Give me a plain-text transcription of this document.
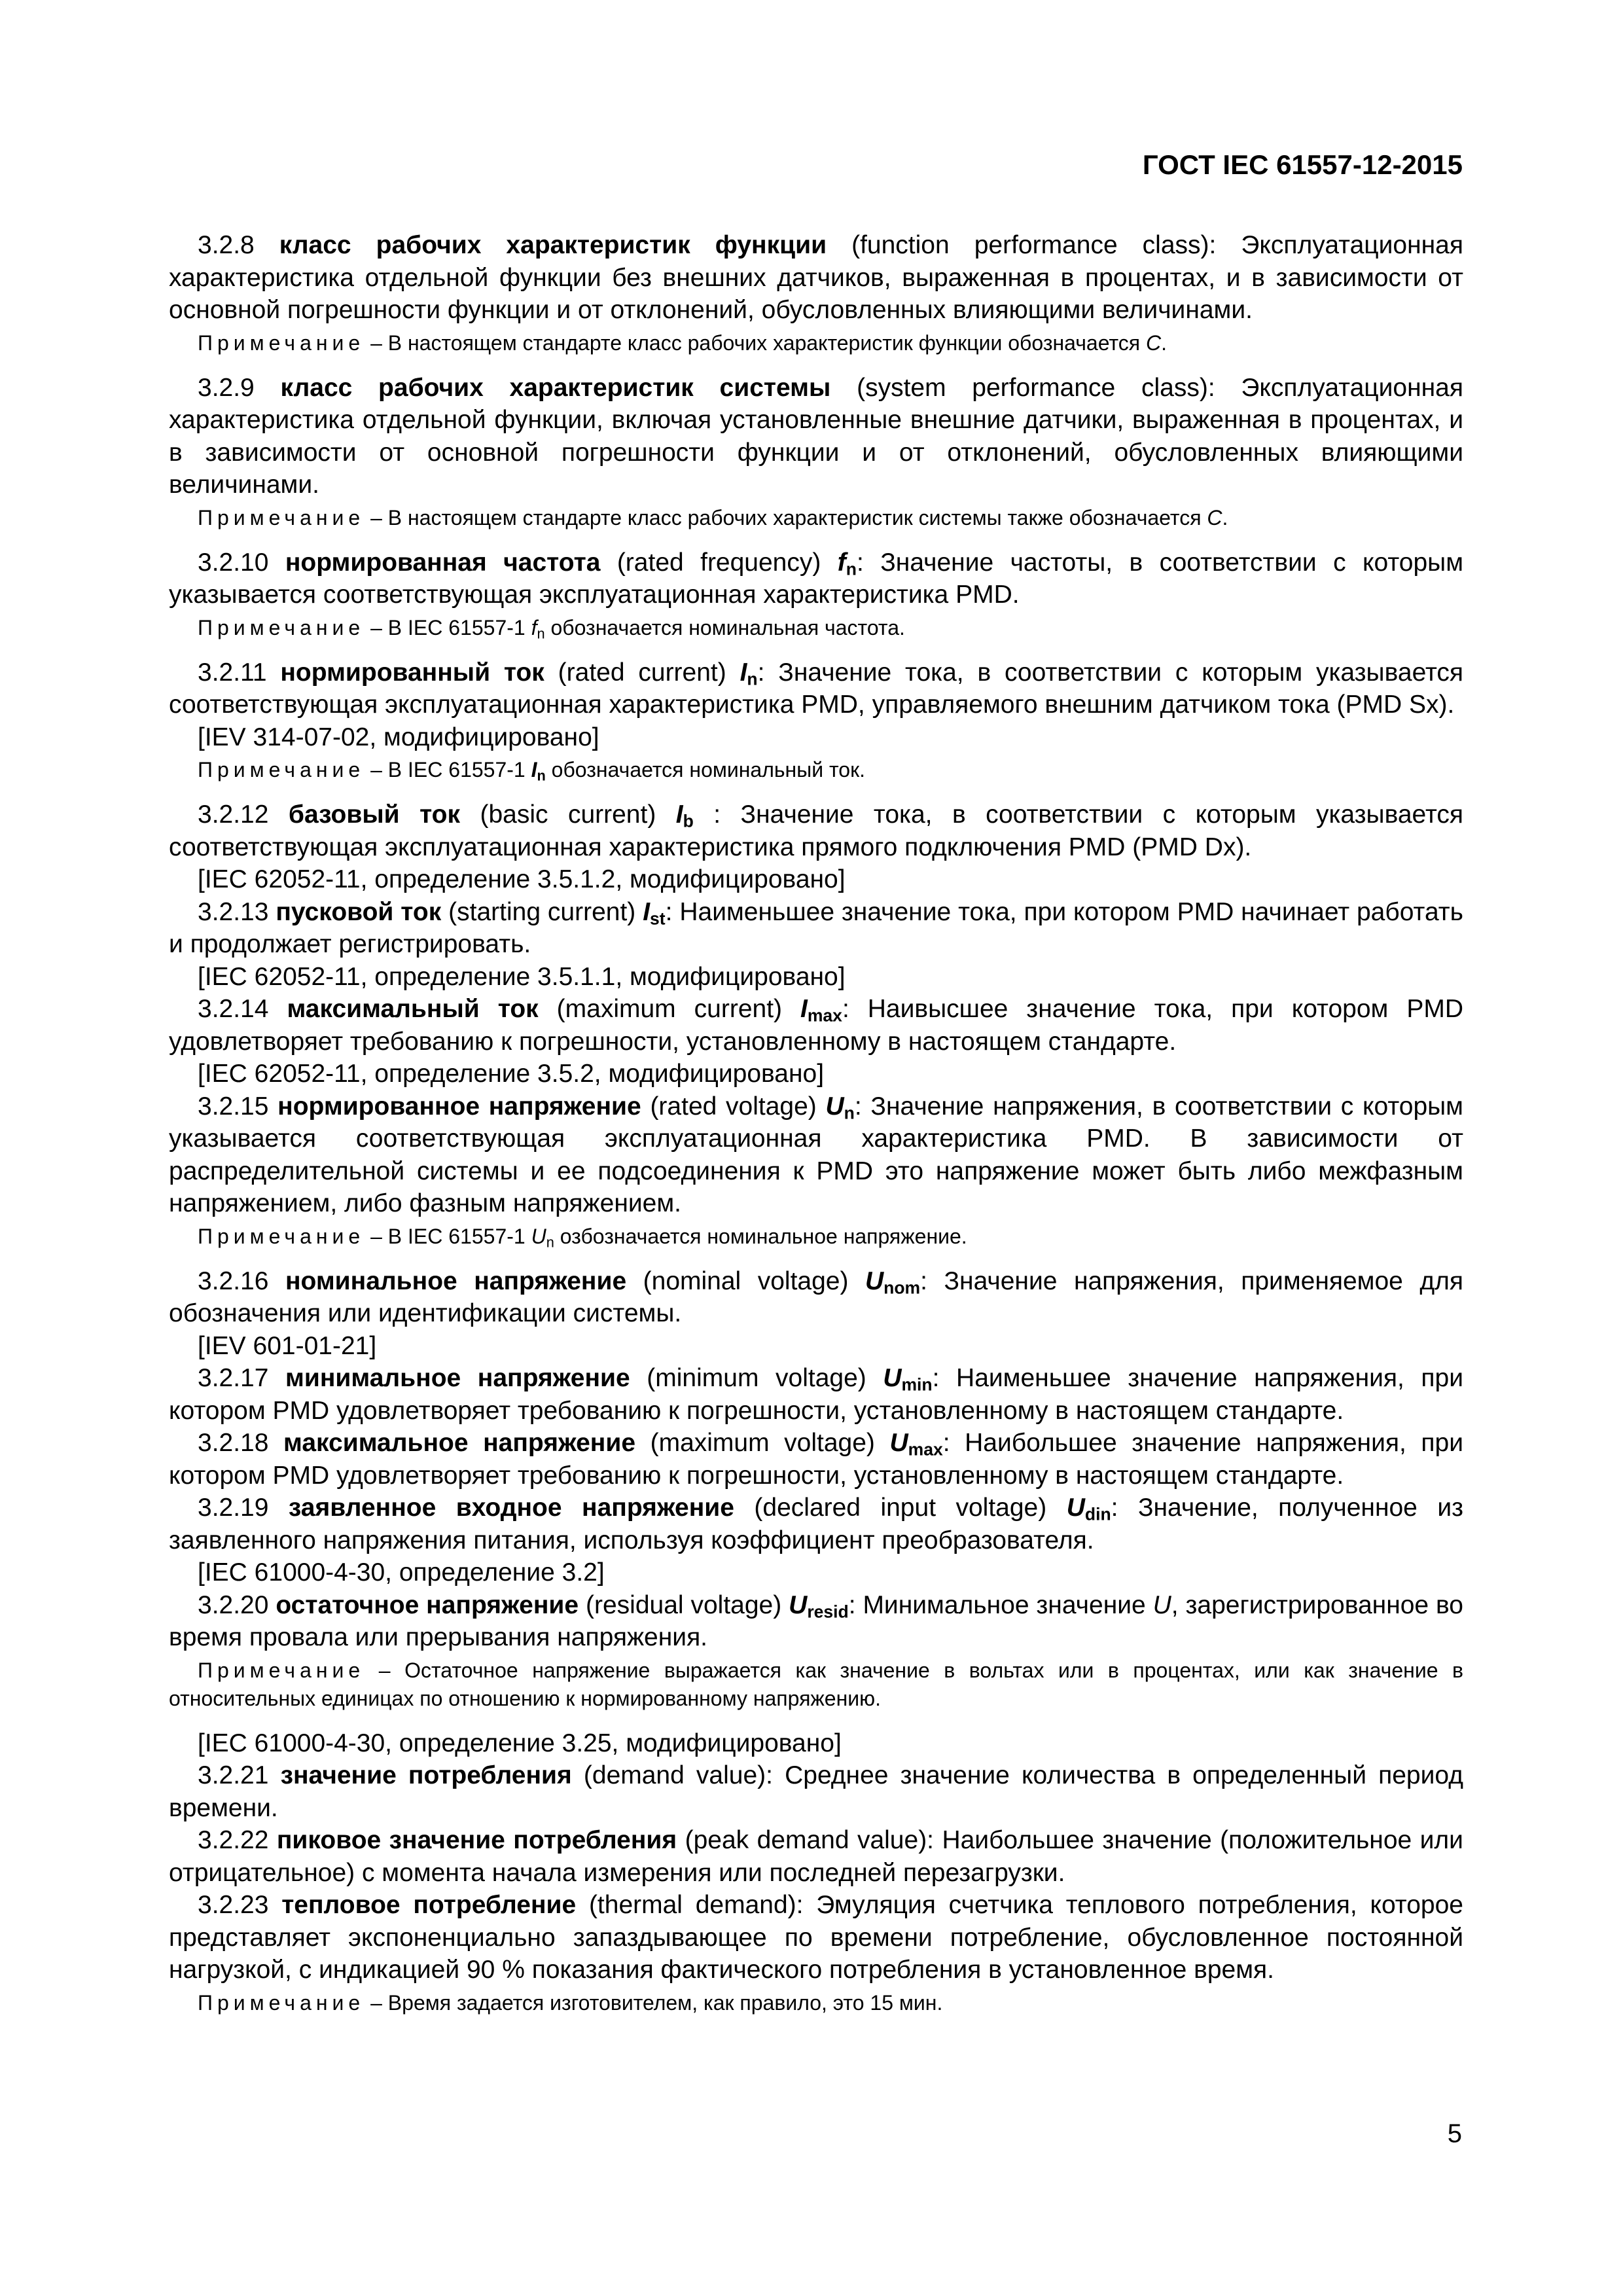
ГОСТ IEC 61557-12-2015

3.2.8 класс рабочих характеристик функции (function performance class): Эксплуатационная характеристика отдельной функции без внешних датчиков, выраженная в процентах, и в зависимости от основной погрешности функции и от отклонений, обусловленных влияющими величинами.

Примечание – В настоящем стандарте класс рабочих характеристик функции обозначается C.

3.2.9 класс рабочих характеристик системы (system performance class): Эксплуатационная характеристика отдельной функции, включая установленные внешние датчики, выраженная в процентах, и в зависимости от основной погрешности функции и от отклонений, обусловленных влияющими величинами.

Примечание – В настоящем стандарте класс рабочих характеристик системы также обозначается C.

3.2.10 нормированная частота (rated frequency) $f_n$: Значение частоты, в соответствии с которым указывается соответствующая эксплуатационная характеристика PMD.

Примечание – В IEC 61557-1 $f_n$ обозначается номинальная частота.

3.2.11 нормированный ток (rated current) $I_n$: Значение тока, в соответствии с которым указывается соответствующая эксплуатационная характеристика PMD, управляемого внешним датчиком тока (PMD Sx).

[IEV 314-07-02, модифицировано]

Примечание – В IEC 61557-1 $I_n$ обозначается номинальный ток.

3.2.12 базовый ток (basic current) $I_b$ : Значение тока, в соответствии с которым указывается соответствующая эксплуатационная характеристика прямого подключения PMD (PMD Dx).

[IEC 62052-11, определение 3.5.1.2, модифицировано]

3.2.13 пусковой ток (starting current) $I_{st}$: Наименьшее значение тока, при котором PMD начинает работать и продолжает регистрировать.

[IEC 62052-11, определение 3.5.1.1, модифицировано]

3.2.14 максимальный ток (maximum current) $I_{max}$: Наивысшее значение тока, при котором PMD удовлетворяет требованию к погрешности, установленному в настоящем стандарте.

[IEC 62052-11, определение 3.5.2, модифицировано]

3.2.15 нормированное напряжение (rated voltage) $U_n$: Значение напряжения, в соответствии с которым указывается соответствующая эксплуатационная характеристика PMD. В зависимости от распределительной системы и ее подсоединения к PMD это напряжение может быть либо межфазным напряжением, либо фазным напряжением.

Примечание – В IEC 61557-1 $U_n$ озбозначается номинальное напряжение.

3.2.16 номинальное напряжение (nominal voltage) $U_{nom}$: Значение напряжения, применяемое для обозначения или идентификации системы.

[IEV 601-01-21]

3.2.17 минимальное напряжение (minimum voltage) $U_{min}$: Наименьшее значение напряжения, при котором PMD удовлетворяет требованию к погрешности, установленному в настоящем стандарте.

3.2.18 максимальное напряжение (maximum voltage) $U_{max}$: Наибольшее значение напряжения, при котором PMD удовлетворяет требованию к погрешности, установленному в настоящем стандарте.

3.2.19 заявленное входное напряжение (declared input voltage) $U_{din}$: Значение, полученное из заявленного напряжения питания, используя коэффициент преобразователя.

[IEC 61000-4-30, определение 3.2]

3.2.20 остаточное напряжение (residual voltage) $U_{resid}$: Минимальное значение U, зарегистрированное во время провала или прерывания напряжения.

Примечание – Остаточное напряжение выражается как значение в вольтах или в процентах, или как значение в относительных единицах по отношению к нормированному напряжению.

[IEC 61000-4-30, определение 3.25, модифицировано]

3.2.21 значение потребления (demand value): Среднее значение количества в определенный период времени.

3.2.22 пиковое значение потребления (peak demand value): Наибольшее значение (положительное или отрицательное) с момента начала измерения или последней перезагрузки.

3.2.23 тепловое потребление (thermal demand): Эмуляция счетчика теплового потребления, которое представляет экспоненциально запаздывающее по времени потребление, обусловленное постоянной нагрузкой, с индикацией 90 % показания фактического потребления в установленное время.

Примечание – Время задается изготовителем, как правило, это 15 мин.

5
